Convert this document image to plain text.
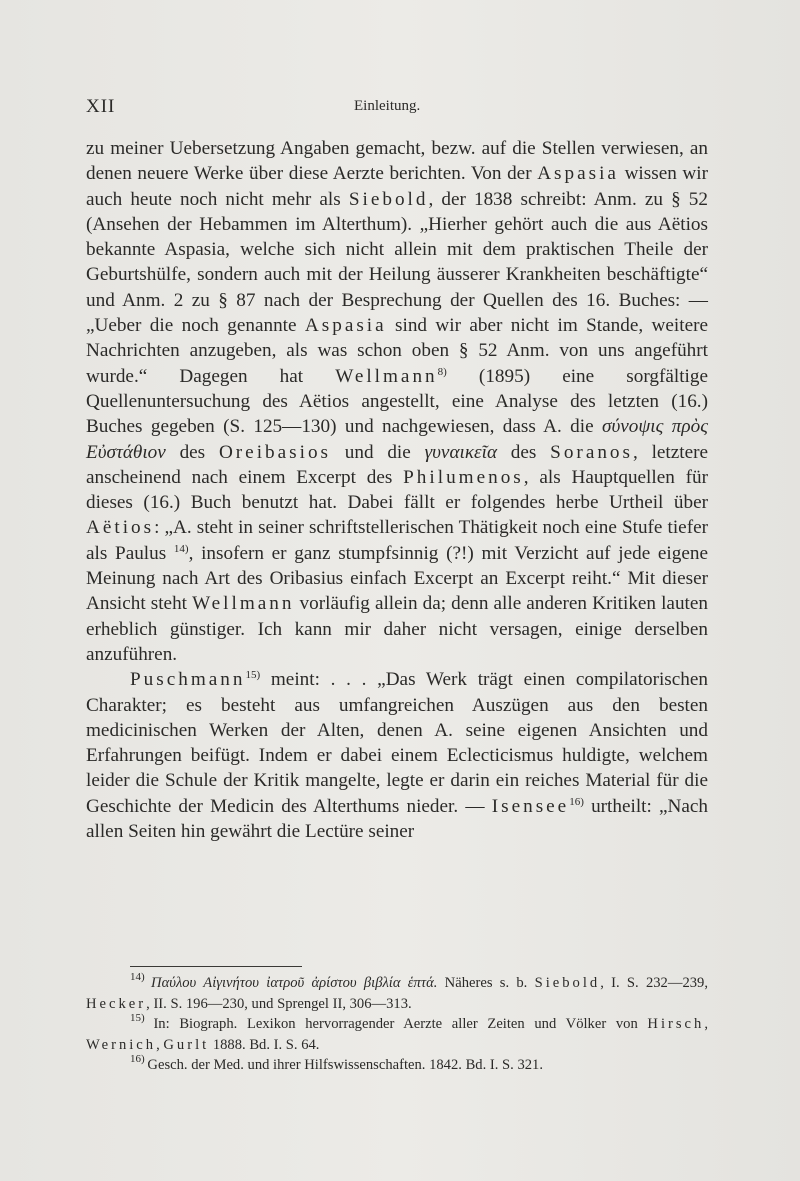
XII	Einleitung.

zu meiner Uebersetzung Angaben gemacht, bezw. auf die Stellen verwiesen, an denen neuere Werke über diese Aerzte berichten. Von der Aspasia wissen wir auch heute noch nicht mehr als Siebold, der 1838 schreibt: Anm. zu § 52 (Ansehen der Hebammen im Alterthum). „Hierher gehört auch die aus Aëtios bekannte Aspasia, welche sich nicht allein mit dem praktischen Theile der Geburtshülfe, sondern auch mit der Heilung äusserer Krankheiten beschäftigte“ und Anm. 2 zu § 87 nach der Besprechung der Quellen des 16. Buches: — „Ueber die noch genannte Aspasia sind wir aber nicht im Stande, weitere Nachrichten anzugeben, als was schon oben § 52 Anm. von uns angeführt wurde.“ Dagegen hat Wellmann$^{8)}$ (1895) eine sorgfältige Quellenuntersuchung des Aëtios angestellt, eine Analyse des letzten (16.) Buches gegeben (S. 125—130) und nachgewiesen, dass A. die σύνοψις πρὸς Εὐστάθιον des Oreibasios und die γυναικεῖα des Soranos, letztere anscheinend nach einem Excerpt des Philumenos, als Hauptquellen für dieses (16.) Buch benutzt hat. Dabei fällt er folgendes herbe Urtheil über Aëtios: „A. steht in seiner schriftstellerischen Thätigkeit noch eine Stufe tiefer als Paulus $^{14)}$, insofern er ganz stumpfsinnig (?!) mit Verzicht auf jede eigene Meinung nach Art des Oribasius einfach Excerpt an Excerpt reiht.“ Mit dieser Ansicht steht Wellmann vorläufig allein da; denn alle anderen Kritiken lauten erheblich günstiger. Ich kann mir daher nicht versagen, einige derselben anzuführen.

Puschmann$^{15)}$ meint: . . . „Das Werk trägt einen compilatorischen Charakter; es besteht aus umfangreichen Auszügen aus den besten medicinischen Werken der Alten, denen A. seine eigenen Ansichten und Erfahrungen beifügt. Indem er dabei einem Eclecticismus huldigte, welchem leider die Schule der Kritik mangelte, legte er darin ein reiches Material für die Geschichte der Medicin des Alterthums nieder. — Isensee$^{16)}$ urtheilt: „Nach allen Seiten hin gewährt die Lectüre seiner

$^{14)}$ Παύλου Αἰγινήτου ἰατροῦ ἀρίστου βιβλία ἑπτά. Näheres s. b. Siebold, I. S. 232—239, Hecker, II. S. 196—230, und Sprengel II, 306—313.

$^{15)}$ In: Biograph. Lexikon hervorragender Aerzte aller Zeiten und Völker von Hirsch, Wernich, Gurlt 1888. Bd. I. S. 64.

$^{16)}$ Gesch. der Med. und ihrer Hilfswissenschaften. 1842. Bd. I. S. 321.
